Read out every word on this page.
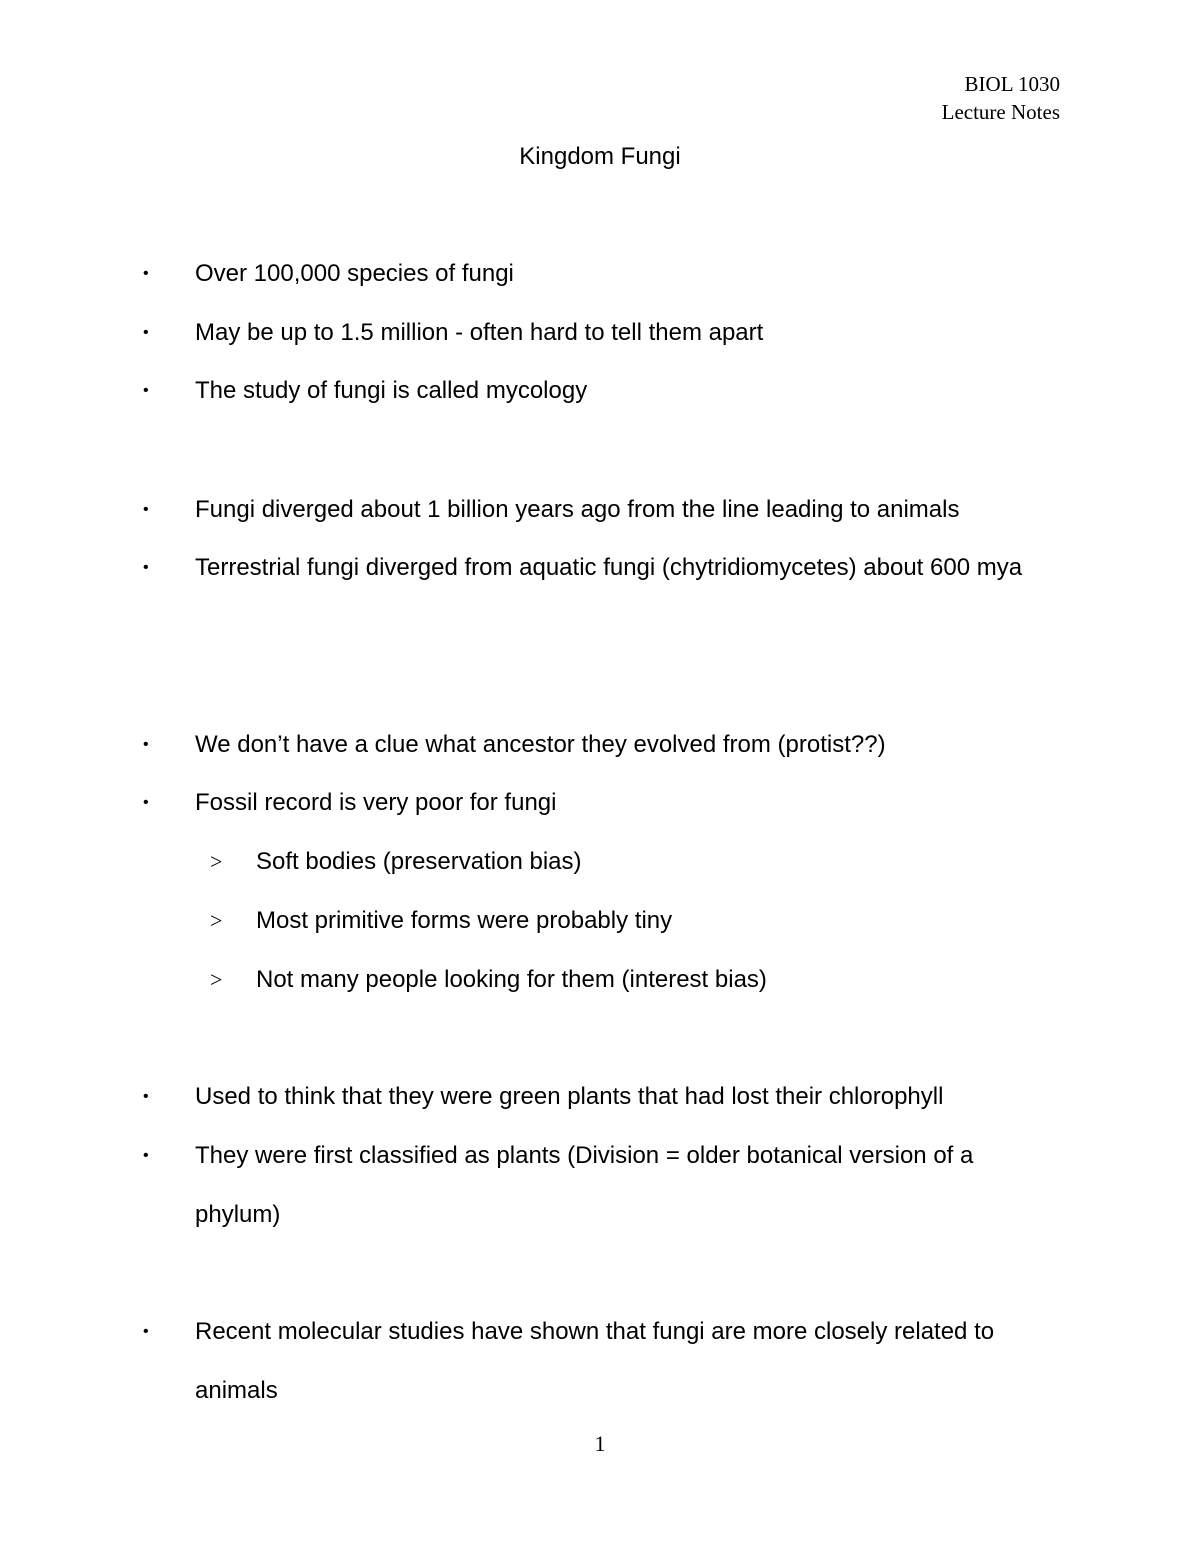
BIOL 1030
Lecture Notes
Kingdom Fungi
• Over 100,000 species of fungi
• May be up to 1.5 million - often hard to tell them apart
• The study of fungi is called mycology
• Fungi diverged about 1 billion years ago from the line leading to animals
• Terrestrial fungi diverged from aquatic fungi (chytridiomycetes) about 600 mya
• We don’t have a clue what ancestor they evolved from (protist??)
• Fossil record is very poor for fungi
> Soft bodies (preservation bias)
> Most primitive forms were probably tiny
> Not many people looking for them (interest bias)
• Used to think that they were green plants that had lost their chlorophyll
• They were first classified as plants (Division = older botanical version of a phylum)
• Recent molecular studies have shown that fungi are more closely related to animals
1
